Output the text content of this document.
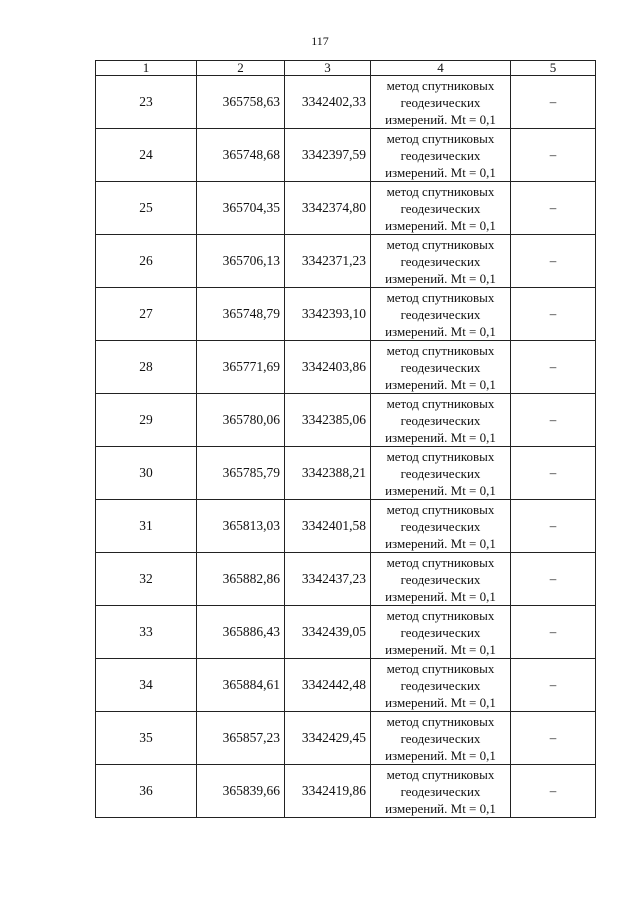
117
1	2	3	4	5
23	365758,63	3342402,33	метод спутниковых
геодезических
измерений. Mt = 0,1	–
24	365748,68	3342397,59	метод спутниковых
геодезических
измерений. Mt = 0,1	–
25	365704,35	3342374,80	метод спутниковых
геодезических
измерений. Mt = 0,1	–
26	365706,13	3342371,23	метод спутниковых
геодезических
измерений. Mt = 0,1	–
27	365748,79	3342393,10	метод спутниковых
геодезических
измерений. Mt = 0,1	–
28	365771,69	3342403,86	метод спутниковых
геодезических
измерений. Mt = 0,1	–
29	365780,06	3342385,06	метод спутниковых
геодезических
измерений. Mt = 0,1	–
30	365785,79	3342388,21	метод спутниковых
геодезических
измерений. Mt = 0,1	–
31	365813,03	3342401,58	метод спутниковых
геодезических
измерений. Mt = 0,1	–
32	365882,86	3342437,23	метод спутниковых
геодезических
измерений. Mt = 0,1	–
33	365886,43	3342439,05	метод спутниковых
геодезических
измерений. Mt = 0,1	–
34	365884,61	3342442,48	метод спутниковых
геодезических
измерений. Mt = 0,1	–
35	365857,23	3342429,45	метод спутниковых
геодезических
измерений. Mt = 0,1	–
36	365839,66	3342419,86	метод спутниковых
геодезических
измерений. Mt = 0,1	–
